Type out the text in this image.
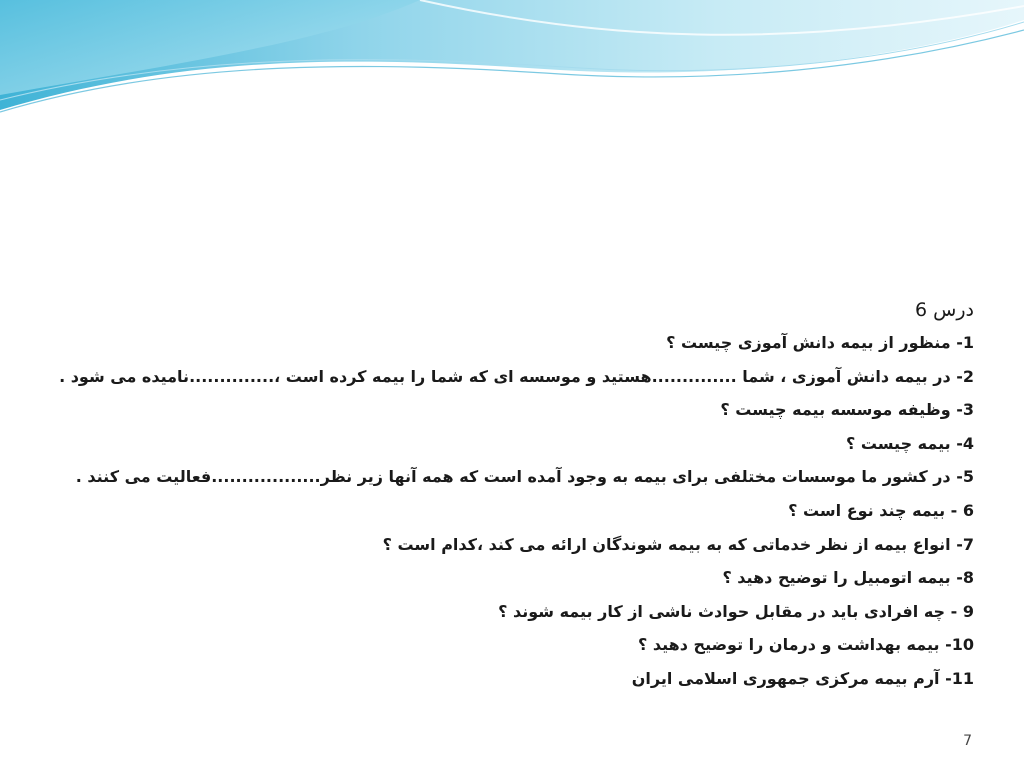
درس 6
1- منظور از بیمه دانش آموزی چیست ؟
2- در بیمه دانش آموزی ، شما ..............هستید و موسسه ای که شما را بیمه کرده است ،..............نامیده می شود .
3- وظیفه موسسه بیمه چیست ؟
4- بیمه چیست ؟
5- در کشور ما موسسات مختلفی برای بیمه به وجود آمده است که همه آنها زیر نظر..................فعالیت می کنند .
6 - بیمه چند نوع است ؟
7- انواع بیمه از نظر خدماتی که به بیمه شوندگان ارائه می کند ،کدام است ؟
8- بیمه اتومبیل را توضیح دهید ؟
9 - چه افرادی باید در مقابل حوادث ناشی از کار بیمه شوند ؟
10- بیمه بهداشت و درمان را توضیح دهید ؟
11- آرم بیمه مرکزی جمهوری اسلامی ایران
7
